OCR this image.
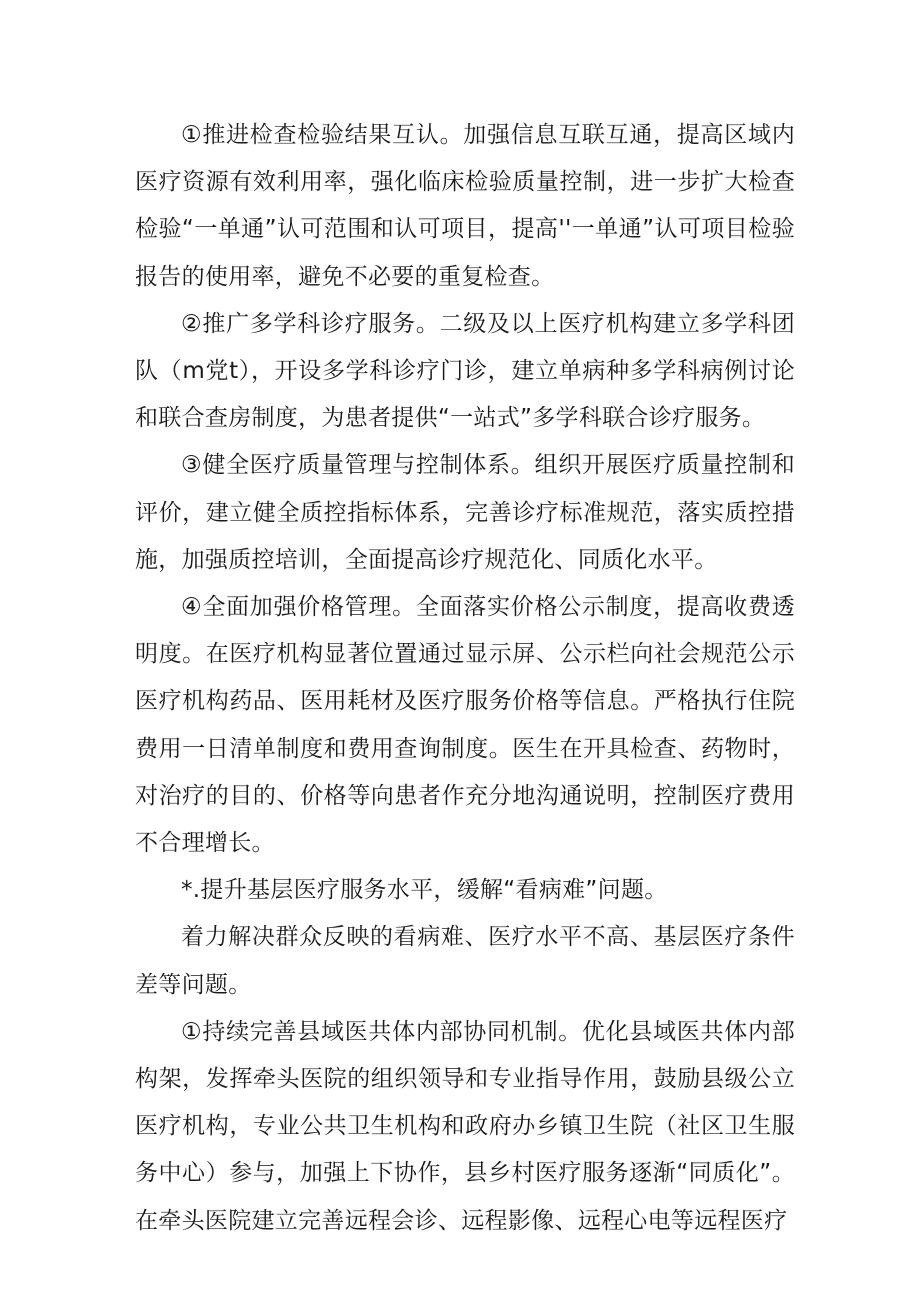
①推进检查检验结果互认。加强信息互联互通，提高区域内医疗资源有效利用率，强化临床检验质量控制，进一步扩大检查检验“一单通”认可范围和认可项目，提高''一单通”认可项目检验报告的使用率，避免不必要的重复检查。

②推广多学科诊疗服务。二级及以上医疗机构建立多学科团队（m党t），开设多学科诊疗门诊，建立单病种多学科病例讨论和联合查房制度，为患者提供“一站式”多学科联合诊疗服务。

③健全医疗质量管理与控制体系。组织开展医疗质量控制和评价，建立健全质控指标体系，完善诊疗标准规范，落实质控措施，加强质控培训，全面提高诊疗规范化、同质化水平。

④全面加强价格管理。全面落实价格公示制度，提高收费透明度。在医疗机构显著位置通过显示屏、公示栏向社会规范公示医疗机构药品、医用耗材及医疗服务价格等信息。严格执行住院费用一日清单制度和费用查询制度。医生在开具检查、药物时，对治疗的目的、价格等向患者作充分地沟通说明，控制医疗费用不合理增长。

*.提升基层医疗服务水平，缓解“看病难”问题。

着力解决群众反映的看病难、医疗水平不高、基层医疗条件差等问题。

①持续完善县域医共体内部协同机制。优化县域医共体内部构架，发挥牵头医院的组织领导和专业指导作用，鼓励县级公立医疗机构，专业公共卫生机构和政府办乡镇卫生院（社区卫生服务中心）参与，加强上下协作，县乡村医疗服务逐渐“同质化”。在牵头医院建立完善远程会诊、远程影像、远程心电等远程医疗
